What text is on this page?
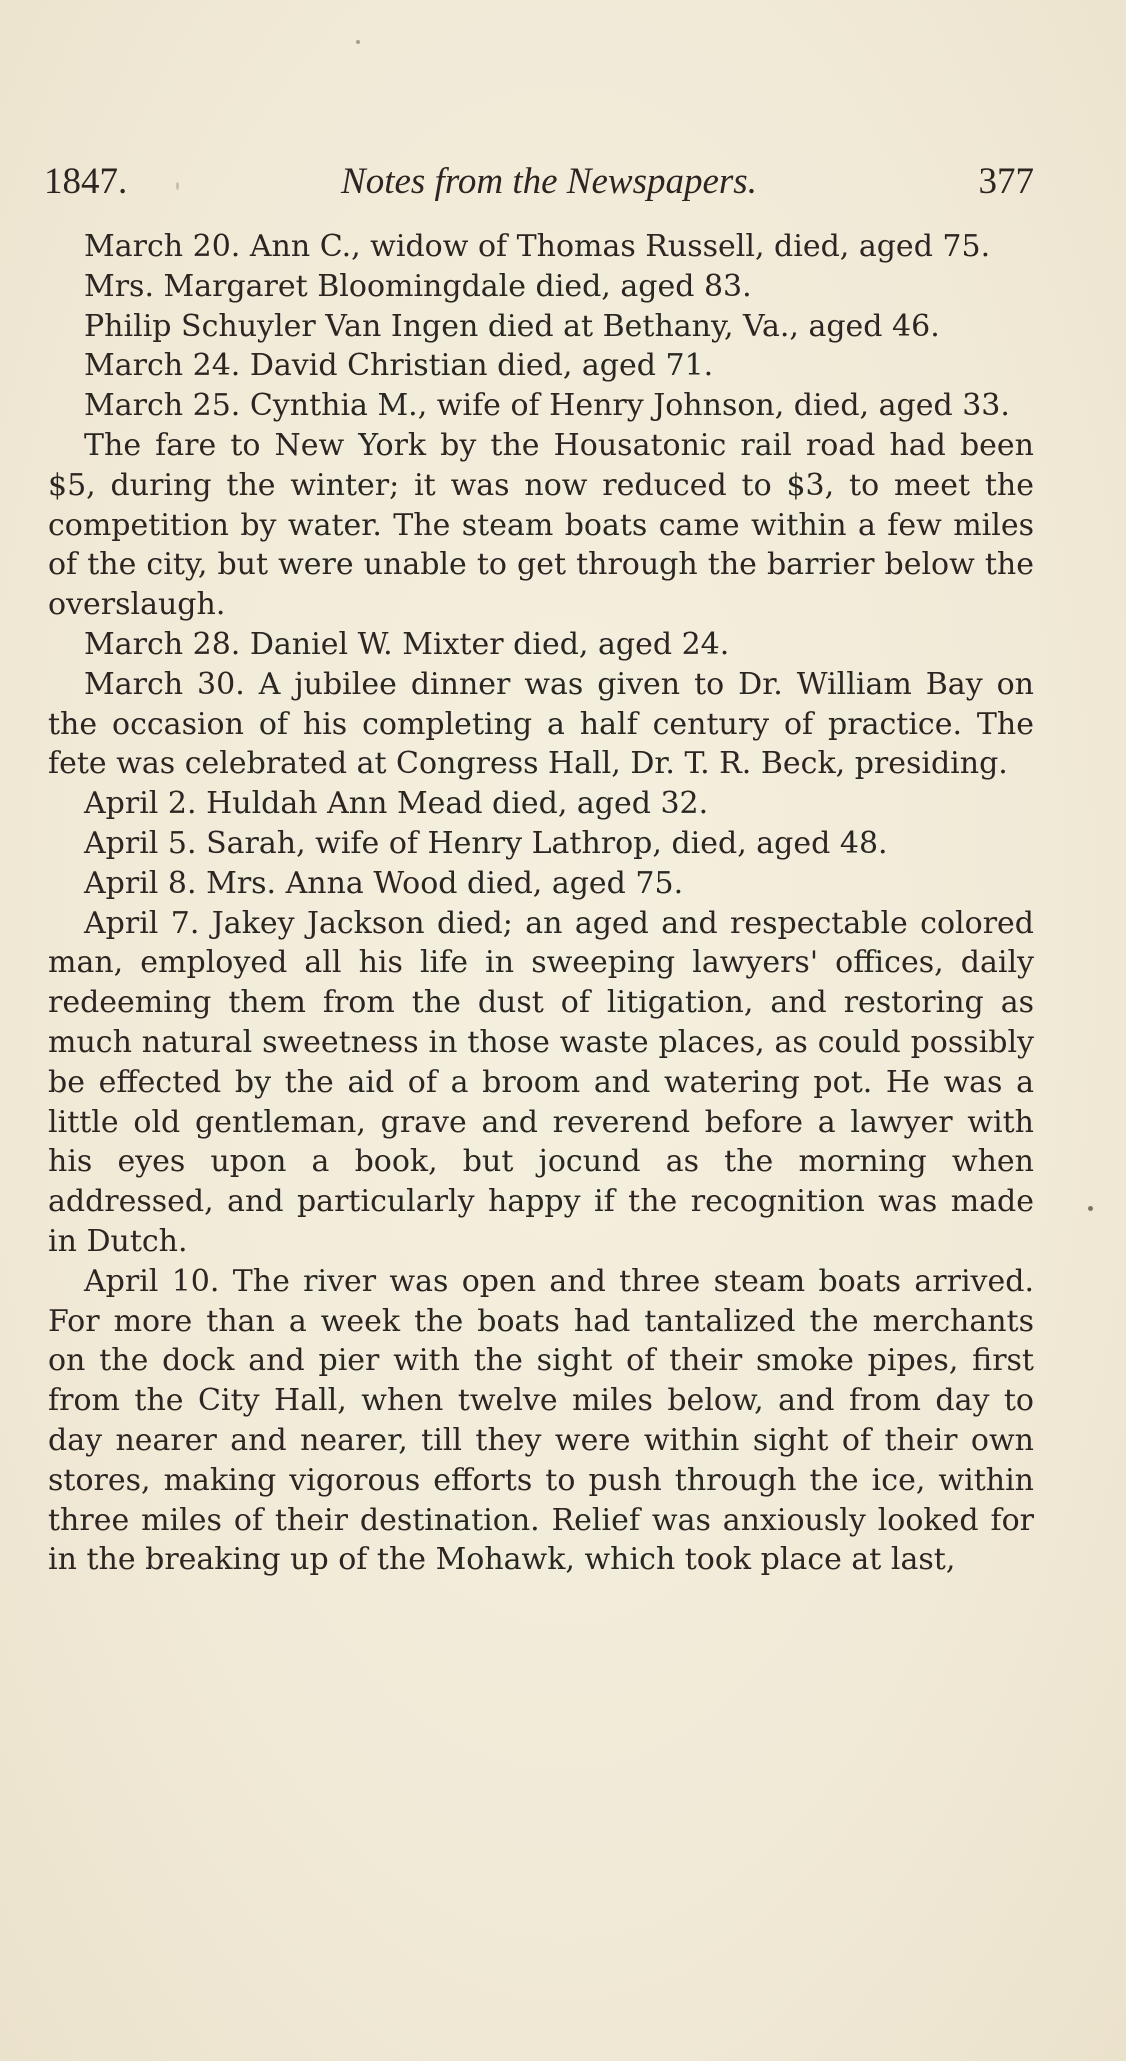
1847.	Notes from the Newspapers.	377

March 20. Ann C., widow of Thomas Russell, died, aged 75.

Mrs. Margaret Bloomingdale died, aged 83.

Philip Schuyler Van Ingen died at Bethany, Va., aged 46.

March 24. David Christian died, aged 71.

March 25. Cynthia M., wife of Henry Johnson, died, aged 33.

The fare to New York by the Housatonic rail road had been $5, during the winter; it was now reduced to $3, to meet the competition by water. The steam boats came within a few miles of the city, but were unable to get through the barrier below the overslaugh.

March 28. Daniel W. Mixter died, aged 24.

March 30. A jubilee dinner was given to Dr. William Bay on the occasion of his completing a half century of practice. The fete was celebrated at Congress Hall, Dr. T. R. Beck, presiding.

April 2. Huldah Ann Mead died, aged 32.

April 5. Sarah, wife of Henry Lathrop, died, aged 48.

April 8. Mrs. Anna Wood died, aged 75.

April 7. Jakey Jackson died; an aged and respectable colored man, employed all his life in sweeping lawyers' offices, daily redeeming them from the dust of litigation, and restoring as much natural sweetness in those waste places, as could possibly be effected by the aid of a broom and watering pot. He was a little old gentleman, grave and reverend before a lawyer with his eyes upon a book, but jocund as the morning when addressed, and particularly happy if the recognition was made in Dutch.

April 10. The river was open and three steam boats arrived. For more than a week the boats had tantalized the merchants on the dock and pier with the sight of their smoke pipes, first from the City Hall, when twelve miles below, and from day to day nearer and nearer, till they were within sight of their own stores, making vigorous efforts to push through the ice, within three miles of their destination. Relief was anxiously looked for in the breaking up of the Mohawk, which took place at last,
